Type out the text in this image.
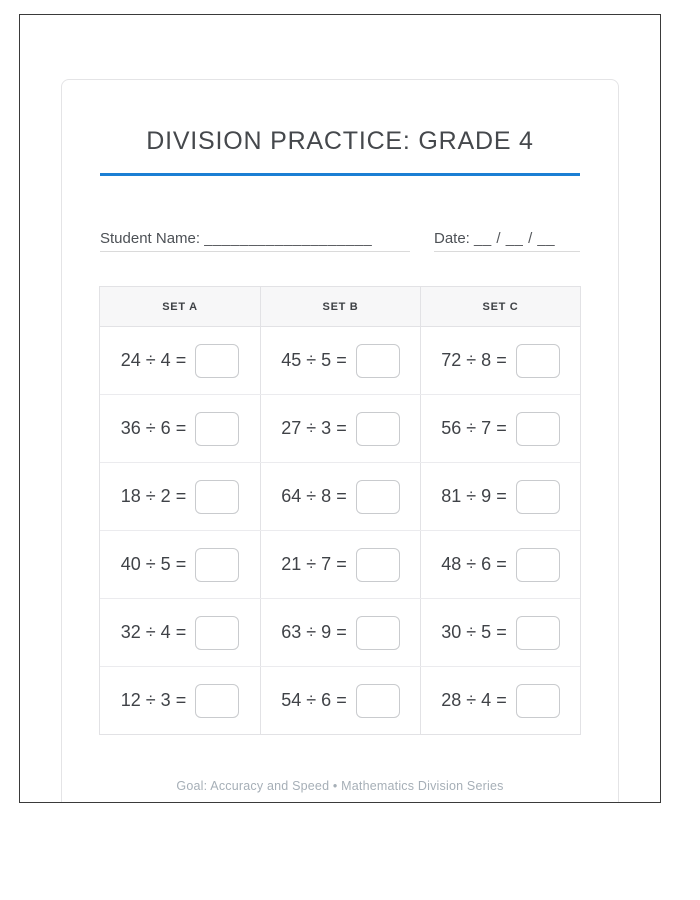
DIVISION PRACTICE: GRADE 4
Student Name: ___________________	Date: __ / __ / __
SET A	SET B	SET C
24 ÷ 4 =	45 ÷ 5 =	72 ÷ 8 =
36 ÷ 6 =	27 ÷ 3 =	56 ÷ 7 =
18 ÷ 2 =	64 ÷ 8 =	81 ÷ 9 =
40 ÷ 5 =	21 ÷ 7 =	48 ÷ 6 =
32 ÷ 4 =	63 ÷ 9 =	30 ÷ 5 =
12 ÷ 3 =	54 ÷ 6 =	28 ÷ 4 =
Goal: Accuracy and Speed • Mathematics Division Series
